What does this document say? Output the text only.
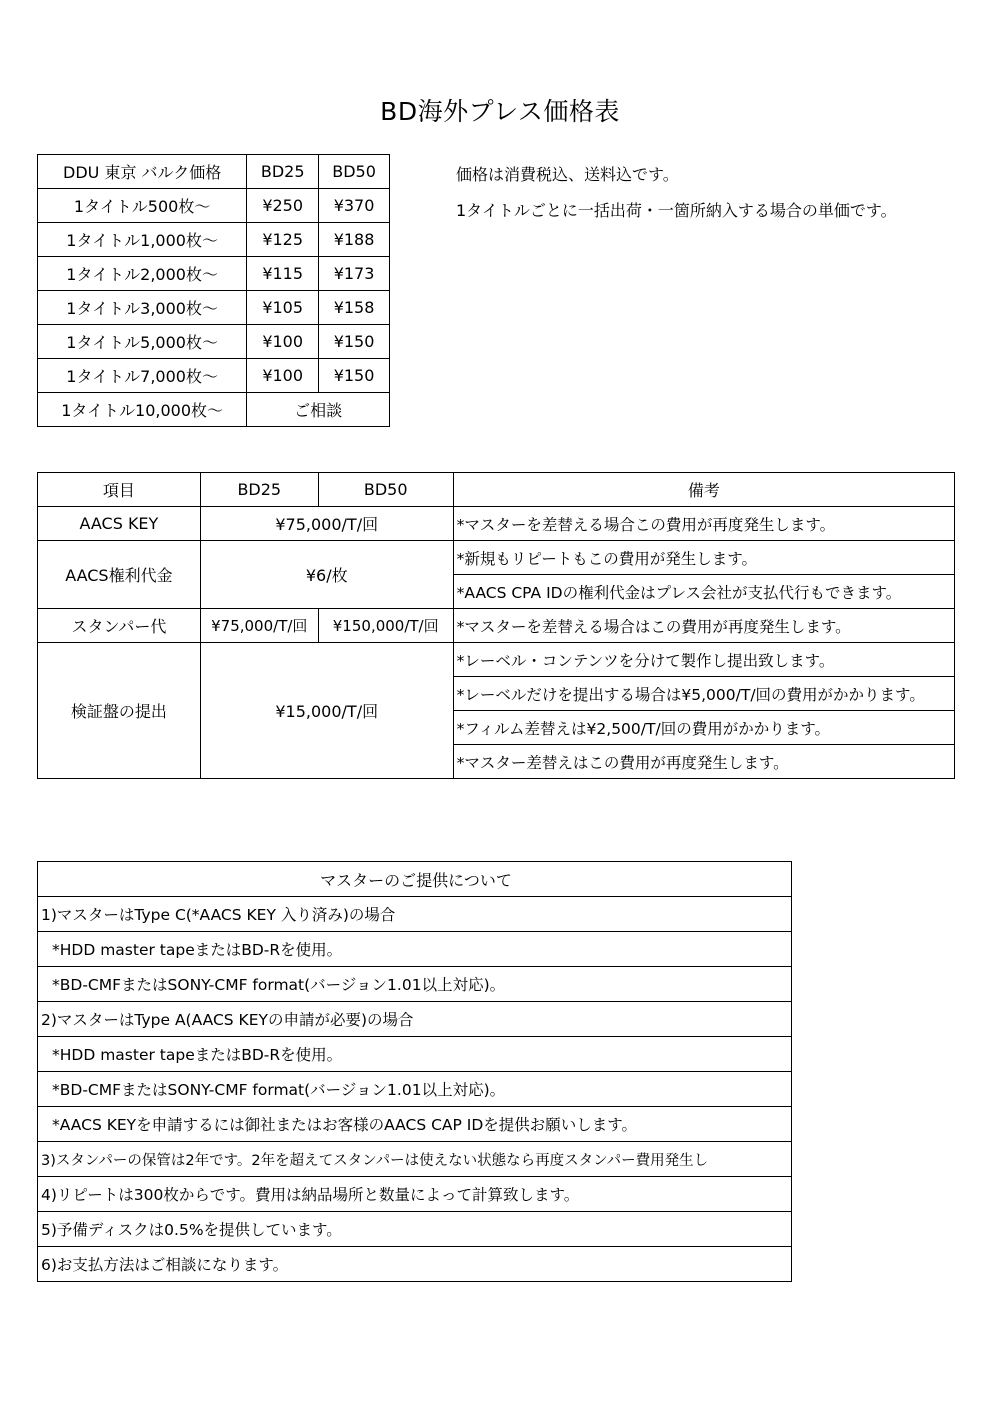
BD海外プレス価格表
DDU 東京 バルク価格	BD25	BD50
1タイトル500枚～	¥250	¥370
1タイトル1,000枚～	¥125	¥188
1タイトル2,000枚～	¥115	¥173
1タイトル3,000枚～	¥105	¥158
1タイトル5,000枚～	¥100	¥150
1タイトル7,000枚～	¥100	¥150
1タイトル10,000枚～	ご相談	
価格は消費税込、送料込です。
1タイトルごとに一括出荷・一箇所納入する場合の単価です。
項目	BD25	BD50	備考
AACS KEY	¥75,000/T/回		*マスターを差替える場合この費用が再度発生します。
AACS権利代金	¥6/枚		*新規もリピートもこの費用が発生します。
			*AACS CPA IDの権利代金はプレス会社が支払代行もできます。
スタンパー代	¥75,000/T/回	¥150,000/T/回	*マスターを差替える場合はこの費用が再度発生します。
検証盤の提出	¥15,000/T/回		*レーベル・コンテンツを分けて製作し提出致します。
			*レーベルだけを提出する場合は¥5,000/T/回の費用がかかります。
			*フィルム差替えは¥2,500/T/回の費用がかかります。
			*マスター差替えはこの費用が再度発生します。
マスターのご提供について
1)マスターはType C(*AACS KEY 入り済み)の場合
*HDD master tapeまたはBD-Rを使用。
*BD-CMFまたはSONY-CMF format(バージョン1.01以上対応)。
2)マスターはType A(AACS KEYの申請が必要)の場合
*HDD master tapeまたはBD-Rを使用。
*BD-CMFまたはSONY-CMF format(バージョン1.01以上対応)。
*AACS KEYを申請するには御社またはお客様のAACS CAP IDを提供お願いします。
3)スタンパーの保管は2年です。2年を超えてスタンパーは使えない状態なら再度スタンパー費用発生し
4)リピートは300枚からです。費用は納品場所と数量によって計算致します。
5)予備ディスクは0.5%を提供しています。
6)お支払方法はご相談になります。
